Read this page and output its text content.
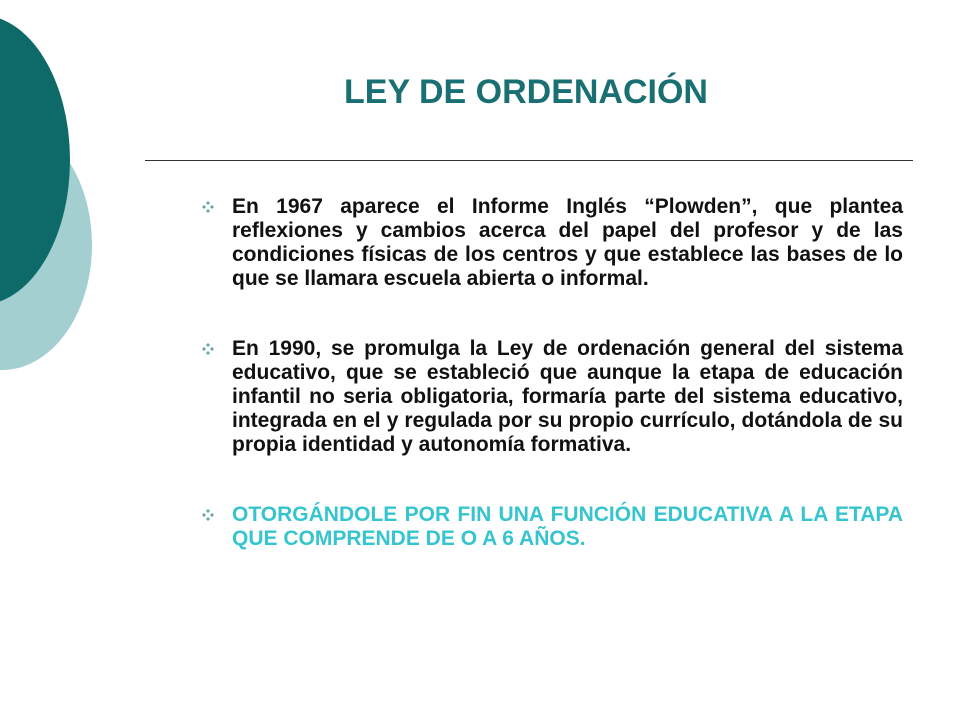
LEY DE ORDENACIÓN
En 1967 aparece el Informe Inglés “Plowden”, que plantea reflexiones y cambios acerca del papel del profesor y de las condiciones físicas de los centros y que establece las bases de lo que se llamara escuela abierta o informal.
En 1990, se promulga la Ley de ordenación general del sistema educativo, que se estableció que aunque la etapa de educación infantil no seria obligatoria, formaría parte del sistema educativo, integrada en el y regulada por su propio currículo, dotándola de su propia identidad y autonomía formativa.
OTORGÁNDOLE POR FIN UNA FUNCIÓN EDUCATIVA A LA ETAPA QUE COMPRENDE DE O A 6 AÑOS.
